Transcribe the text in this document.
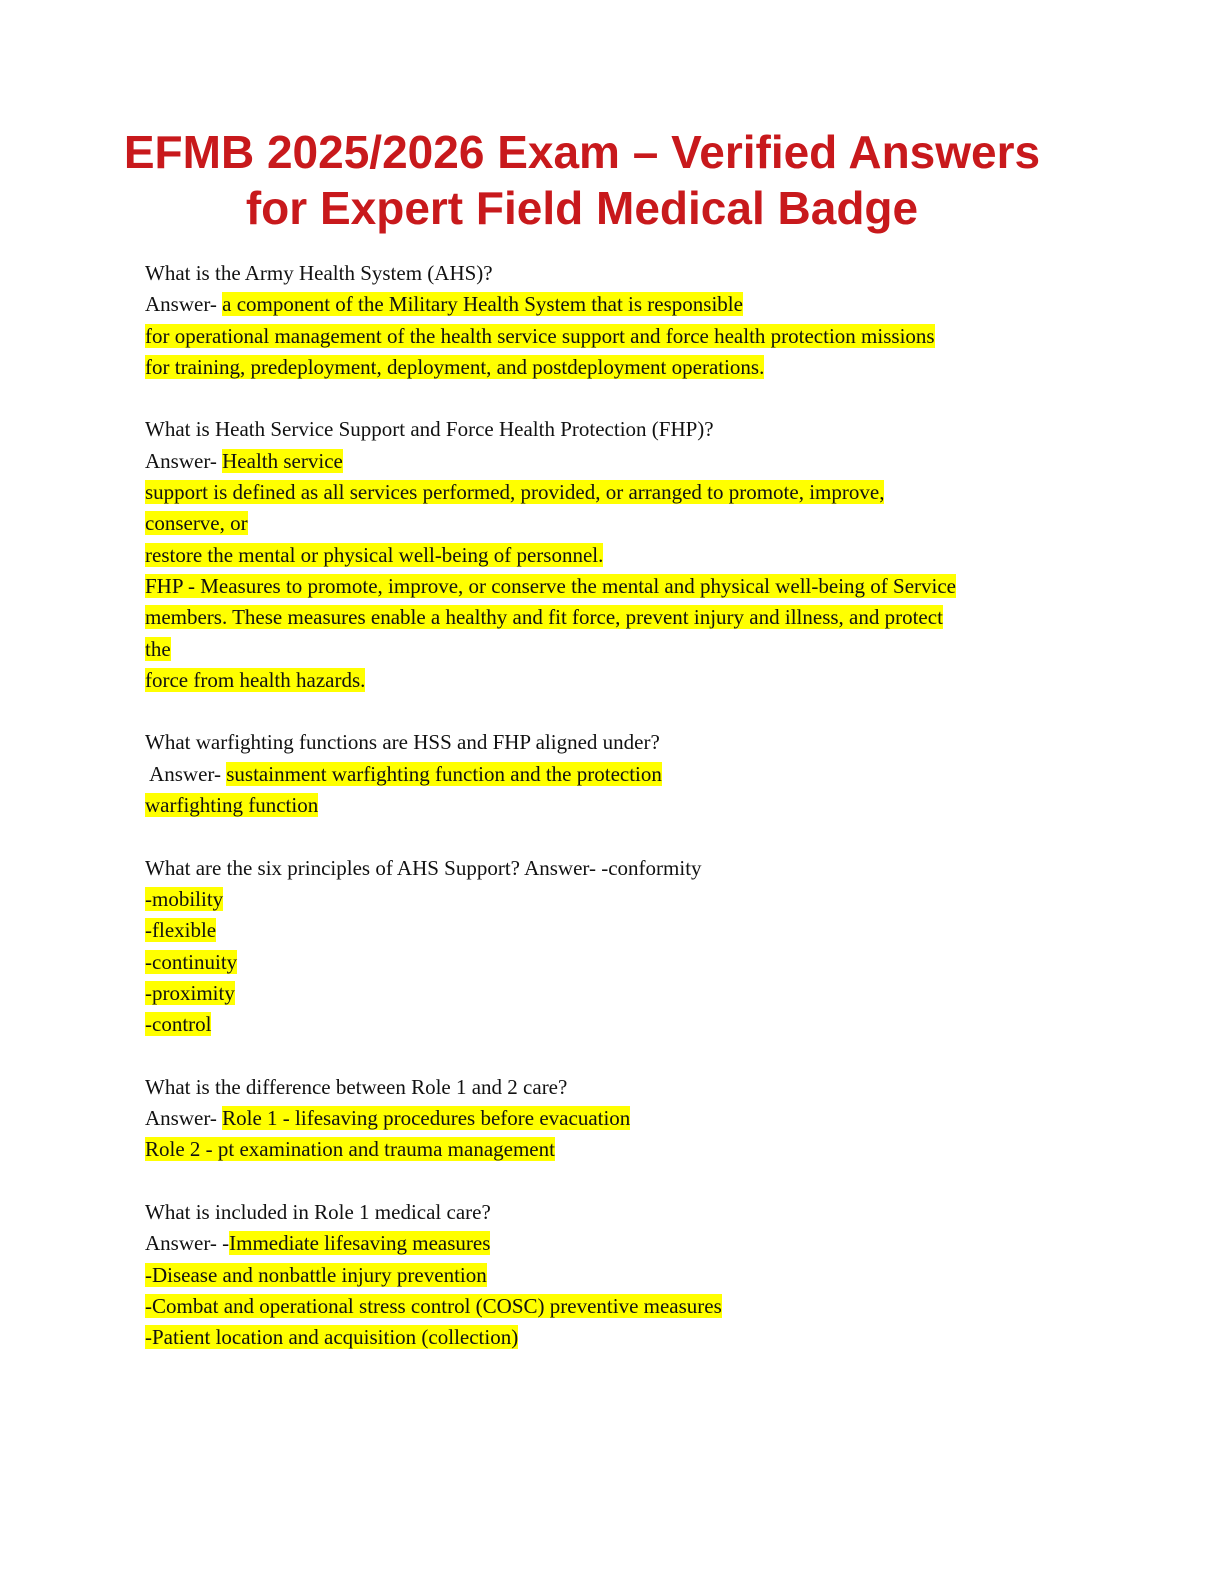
EFMB 2025/2026 Exam – Verified Answers
for Expert Field Medical Badge
What is the Army Health System (AHS)?
Answer- a component of the Military Health System that is responsible
for operational management of the health service support and force health protection missions
for training, predeployment, deployment, and postdeployment operations.
What is Heath Service Support and Force Health Protection (FHP)?
Answer- Health service
support is defined as all services performed, provided, or arranged to promote, improve,
conserve, or
restore the mental or physical well-being of personnel.
FHP - Measures to promote, improve, or conserve the mental and physical well-being of Service
members. These measures enable a healthy and fit force, prevent injury and illness, and protect
the
force from health hazards.
What warfighting functions are HSS and FHP aligned under?
Answer- sustainment warfighting function and the protection
warfighting function
What are the six principles of AHS Support? Answer- -conformity
-mobility
-flexible
-continuity
-proximity
-control
What is the difference between Role 1 and 2 care?
Answer- Role 1 - lifesaving procedures before evacuation
Role 2 - pt examination and trauma management
What is included in Role 1 medical care?
Answer- -Immediate lifesaving measures
-Disease and nonbattle injury prevention
-Combat and operational stress control (COSC) preventive measures
-Patient location and acquisition (collection)
